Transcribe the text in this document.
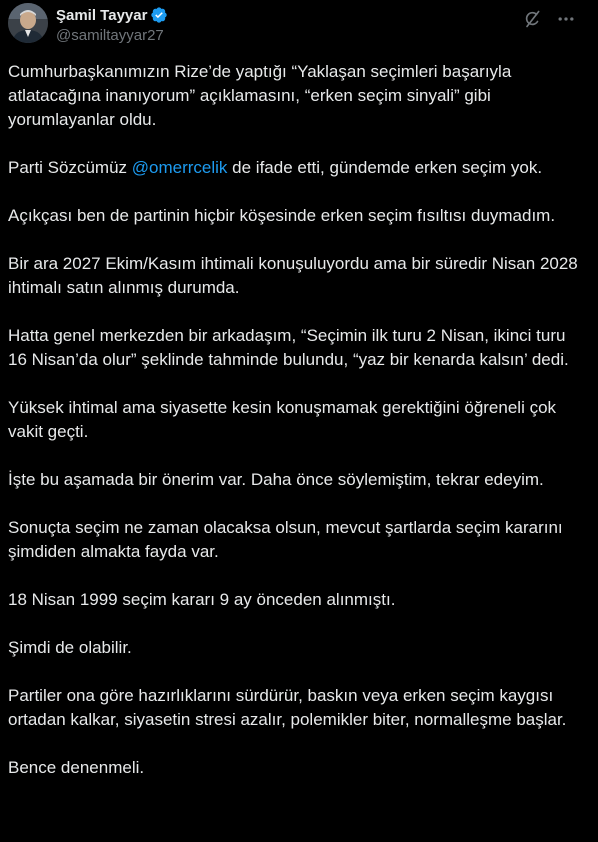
Şamil Tayyar
@samiltayyar27

Cumhurbaşkanımızın Rize’de yaptığı “Yaklaşan seçimleri başarıyla atlatacağına inanıyorum” açıklamasını, “erken seçim sinyali” gibi yorumlayanlar oldu.

Parti Sözcümüz @omerrcelik de ifade etti, gündemde erken seçim yok.

Açıkçası ben de partinin hiçbir köşesinde erken seçim fısıltısı duymadım.

Bir ara 2027 Ekim/Kasım ihtimali konuşuluyordu ama bir süredir Nisan 2028 ihtimalı satın alınmış durumda.

Hatta genel merkezden bir arkadaşım, “Seçimin ilk turu 2 Nisan, ikinci turu 16 Nisan’da olur” şeklinde tahminde bulundu, “yaz bir kenarda kalsın’ dedi.

Yüksek ihtimal ama siyasette kesin konuşmamak gerektiğini öğreneli çok vakit geçti.

İşte bu aşamada bir önerim var. Daha önce söylemiştim, tekrar edeyim.

Sonuçta seçim ne zaman olacaksa olsun, mevcut şartlarda seçim kararını şimdiden almakta fayda var.

18 Nisan 1999 seçim kararı 9 ay önceden alınmıştı.

Şimdi de olabilir.

Partiler ona göre hazırlıklarını sürdürür, baskın veya erken seçim kaygısı ortadan kalkar, siyasetin stresi azalır, polemikler biter, normalleşme başlar.

Bence denenmeli.
